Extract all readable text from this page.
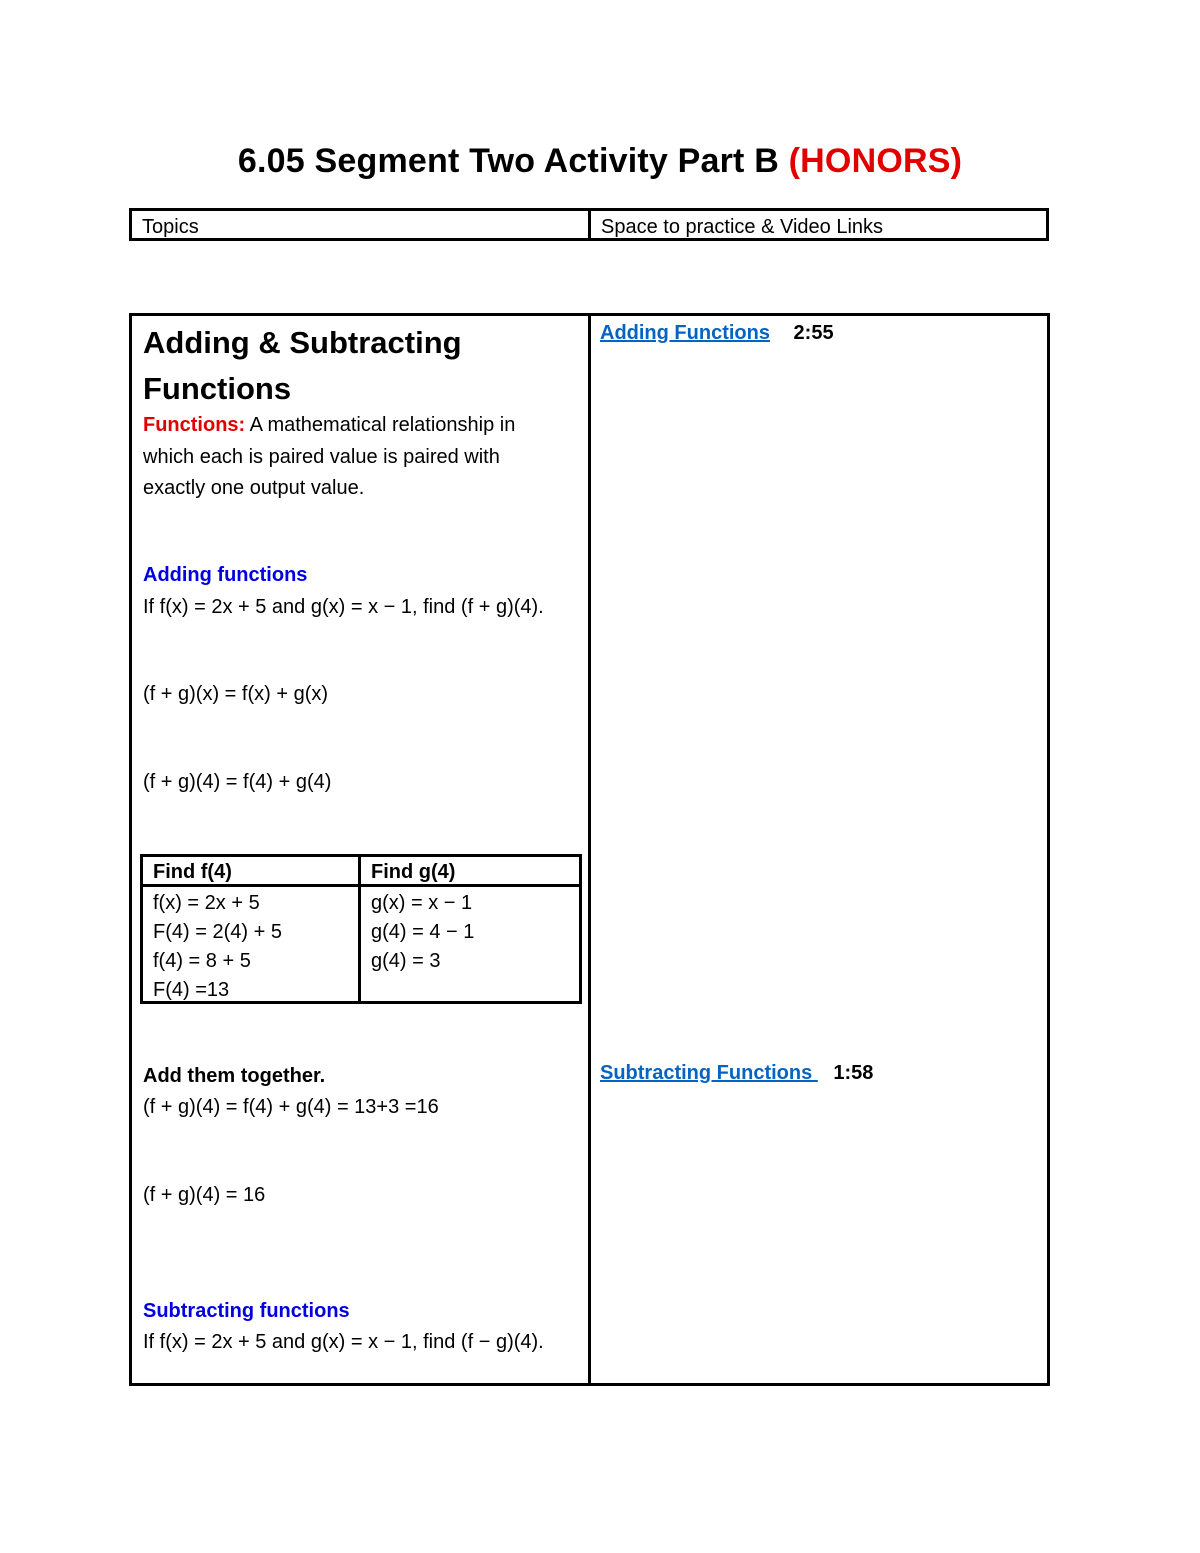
6.05 Segment Two Activity Part B (HONORS)
Topics	Space to practice & Video Links
Adding & Subtracting
Functions
Functions: A mathematical relationship in
which each is paired value is paired with
exactly one output value.
Adding functions
If f(x) = 2x + 5 and g(x) = x − 1, find (f + g)(4).
(f + g)(x) = f(x) + g(x)
(f + g)(4) = f(4) + g(4)
Find f(4)	Find g(4)
f(x) = 2x + 5
F(4) = 2(4) + 5
f(4) = 8 + 5
F(4) =13
g(x) = x − 1
g(4) = 4 − 1
g(4) = 3
Add them together.
(f + g)(4) = f(4) + g(4) = 13+3 =16
(f + g)(4) = 16
Subtracting functions
If f(x) = 2x + 5 and g(x) = x − 1, find (f − g)(4).
Adding Functions 2:55
Subtracting Functions  1:58
